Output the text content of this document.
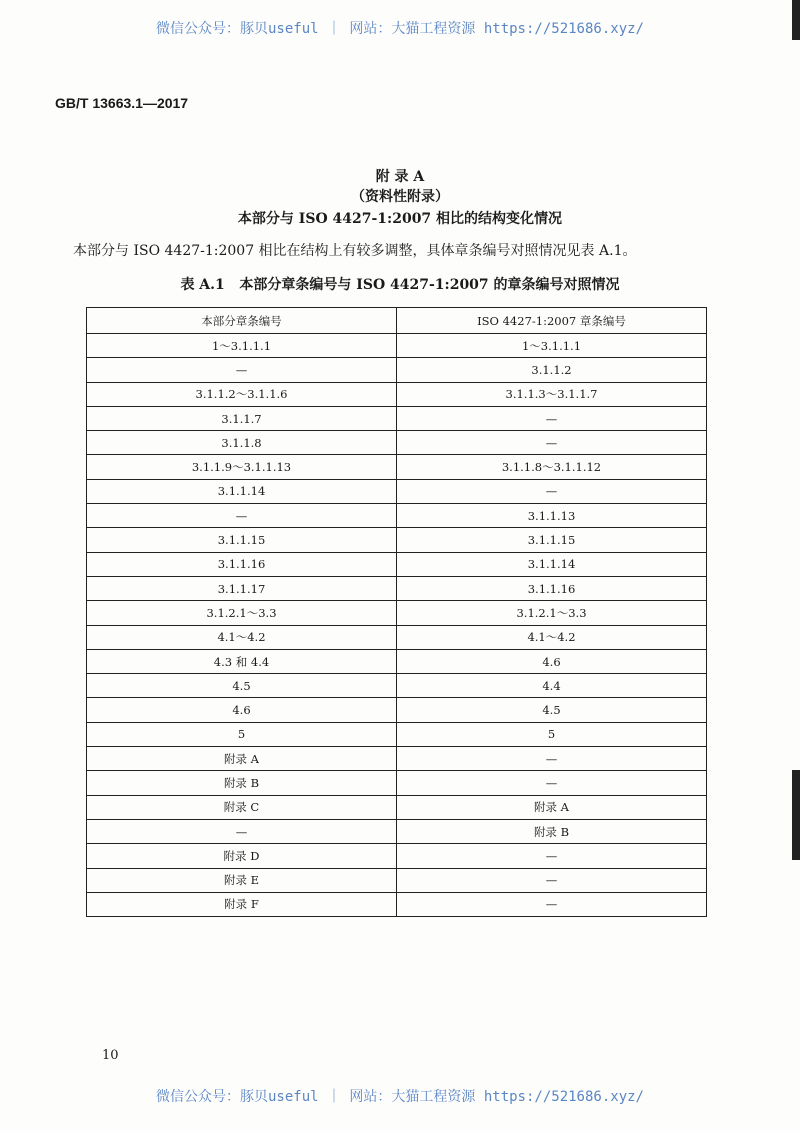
微信公众号：豚贝useful ｜ 网站：大猫工程资源 https://521686.xyz/
GB/T 13663.1—2017
附 录 A
（资料性附录）
本部分与 ISO 4427-1:2007 相比的结构变化情况
本部分与 ISO 4427-1:2007 相比在结构上有较多调整，具体章条编号对照情况见表 A.1。
表 A.1   本部分章条编号与 ISO 4427-1:2007 的章条编号对照情况
本部分章条编号	ISO 4427-1:2007 章条编号
1～3.1.1.1	1～3.1.1.1
—	3.1.1.2
3.1.1.2～3.1.1.6	3.1.1.3～3.1.1.7
3.1.1.7	—
3.1.1.8	—
3.1.1.9～3.1.1.13	3.1.1.8～3.1.1.12
3.1.1.14	—
—	3.1.1.13
3.1.1.15	3.1.1.15
3.1.1.16	3.1.1.14
3.1.1.17	3.1.1.16
3.1.2.1～3.3	3.1.2.1～3.3
4.1～4.2	4.1～4.2
4.3 和 4.4	4.6
4.5	4.4
4.6	4.5
5	5
附录 A	—
附录 B	—
附录 C	附录 A
—	附录 B
附录 D	—
附录 E	—
附录 F	—
10
微信公众号：豚贝useful ｜ 网站：大猫工程资源 https://521686.xyz/
